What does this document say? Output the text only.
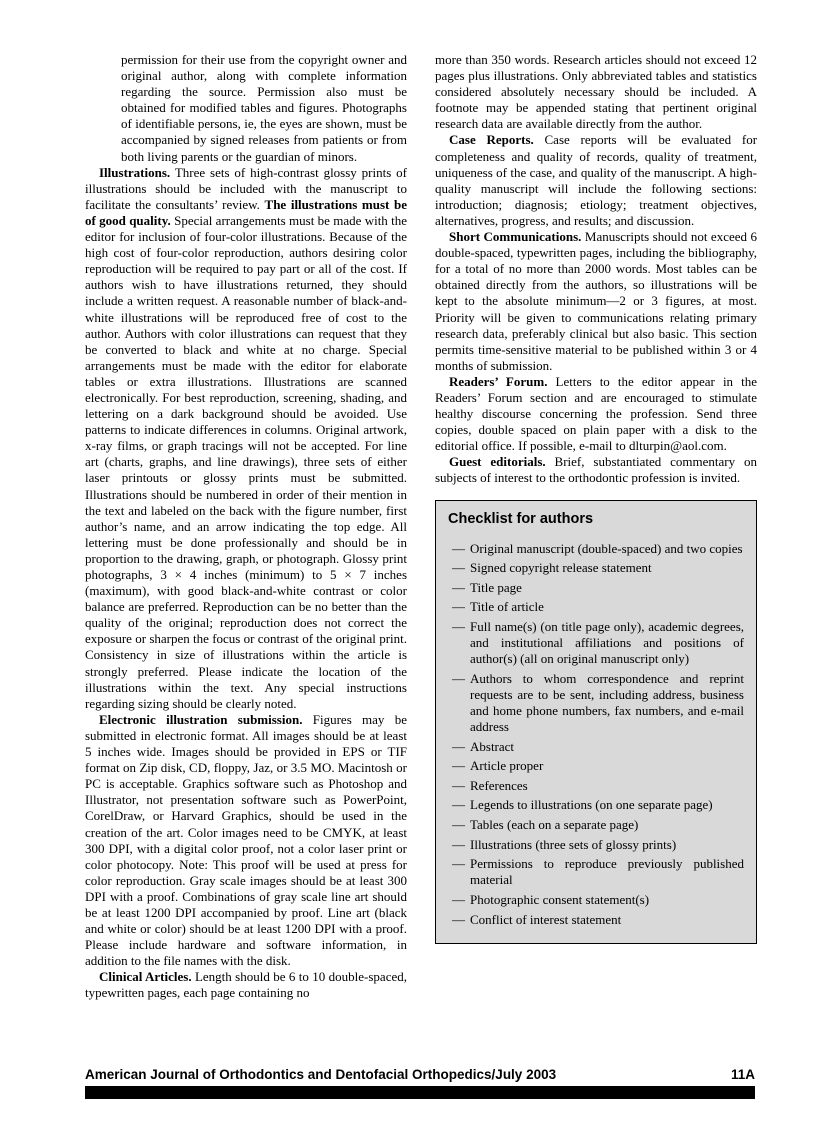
permission for their use from the copyright owner and original author, along with complete information regarding the source. Permission also must be obtained for modified tables and figures. Photographs of identifiable persons, ie, the eyes are shown, must be accompanied by signed releases from patients or from both living parents or the guardian of minors.

Illustrations. Three sets of high-contrast glossy prints of illustrations should be included with the manuscript to facilitate the consultants’ review. The illustrations must be of good quality. Special arrangements must be made with the editor for inclusion of four-color illustrations. Because of the high cost of four-color reproduction, authors desiring color reproduction will be required to pay part or all of the cost. If authors wish to have illustrations returned, they should include a written request. A reasonable number of black-and-white illustrations will be reproduced free of cost to the author. Authors with color illustrations can request that they be converted to black and white at no charge. Special arrangements must be made with the editor for elaborate tables or extra illustrations. Illustrations are scanned electronically. For best reproduction, screening, shading, and lettering on a dark background should be avoided. Use patterns to indicate differences in columns. Original artwork, x-ray films, or graph tracings will not be accepted. For line art (charts, graphs, and line drawings), three sets of either laser printouts or glossy prints must be submitted. Illustrations should be numbered in order of their mention in the text and labeled on the back with the figure number, first author’s name, and an arrow indicating the top edge. All lettering must be done professionally and should be in proportion to the drawing, graph, or photograph. Glossy print photographs, 3 × 4 inches (minimum) to 5 × 7 inches (maximum), with good black-and-white contrast or color balance are preferred. Reproduction can be no better than the quality of the original; reproduction does not correct the exposure or sharpen the focus or contrast of the original print. Consistency in size of illustrations within the article is strongly preferred. Please indicate the location of the illustrations within the text. Any special instructions regarding sizing should be clearly noted.

Electronic illustration submission. Figures may be submitted in electronic format. All images should be at least 5 inches wide. Images should be provided in EPS or TIF format on Zip disk, CD, floppy, Jaz, or 3.5 MO. Macintosh or PC is acceptable. Graphics software such as Photoshop and Illustrator, not presentation software such as PowerPoint, CorelDraw, or Harvard Graphics, should be used in the creation of the art. Color images need to be CMYK, at least 300 DPI, with a digital color proof, not a color laser print or color photocopy. Note: This proof will be used at press for color reproduction. Gray scale images should be at least 300 DPI with a proof. Combinations of gray scale line art should be at least 1200 DPI accompanied by proof. Line art (black and white or color) should be at least 1200 DPI with a proof. Please include hardware and software information, in addition to the file names with the disk.

Clinical Articles. Length should be 6 to 10 double-spaced, typewritten pages, each page containing no

more than 350 words. Research articles should not exceed 12 pages plus illustrations. Only abbreviated tables and statistics considered absolutely necessary should be included. A footnote may be appended stating that pertinent original research data are available directly from the author.

Case Reports. Case reports will be evaluated for completeness and quality of records, quality of treatment, uniqueness of the case, and quality of the manuscript. A high-quality manuscript will include the following sections: introduction; diagnosis; etiology; treatment objectives, alternatives, progress, and results; and discussion.

Short Communications. Manuscripts should not exceed 6 double-spaced, typewritten pages, including the bibliography, for a total of no more than 2000 words. Most tables can be obtained directly from the authors, so illustrations will be kept to the absolute minimum—2 or 3 figures, at most. Priority will be given to communications relating primary research data, preferably clinical but also basic. This section permits time-sensitive material to be published within 3 or 4 months of submission.

Readers’ Forum. Letters to the editor appear in the Readers’ Forum section and are encouraged to stimulate healthy discourse concerning the profession. Send three copies, double spaced on plain paper with a disk to the editorial office. If possible, e-mail to dlturpin@aol.com.

Guest editorials. Brief, substantiated commentary on subjects of interest to the orthodontic profession is invited.

Checklist for authors
— Original manuscript (double-spaced) and two copies
— Signed copyright release statement
— Title page
— Title of article
— Full name(s) (on title page only), academic degrees, and institutional affiliations and positions of author(s) (all on original manuscript only)
— Authors to whom correspondence and reprint requests are to be sent, including address, business and home phone numbers, fax numbers, and e-mail address
— Abstract
— Article proper
— References
— Legends to illustrations (on one separate page)
— Tables (each on a separate page)
— Illustrations (three sets of glossy prints)
— Permissions to reproduce previously published material
— Photographic consent statement(s)
— Conflict of interest statement
American Journal of Orthodontics and Dentofacial Orthopedics/July 2003	11A
